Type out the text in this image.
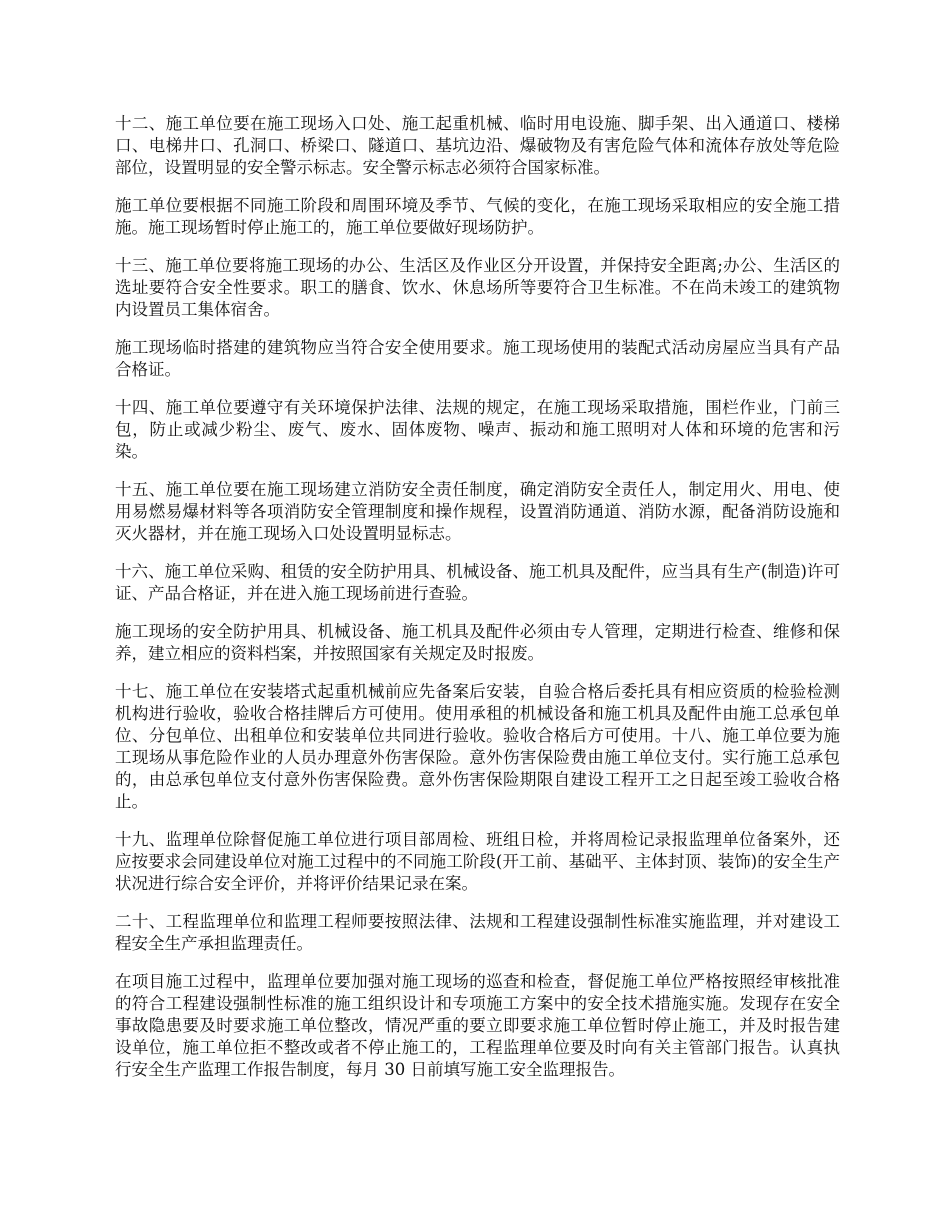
十二、施工单位要在施工现场入口处、施工起重机械、临时用电设施、脚手架、出入通道口、楼梯口、电梯井口、孔洞口、桥梁口、隧道口、基坑边沿、爆破物及有害危险气体和流体存放处等危险部位，设置明显的安全警示标志。安全警示标志必须符合国家标准。

施工单位要根据不同施工阶段和周围环境及季节、气候的变化，在施工现场采取相应的安全施工措施。施工现场暂时停止施工的，施工单位要做好现场防护。

十三、施工单位要将施工现场的办公、生活区及作业区分开设置，并保持安全距离;办公、生活区的选址要符合安全性要求。职工的膳食、饮水、休息场所等要符合卫生标准。不在尚未竣工的建筑物内设置员工集体宿舍。

施工现场临时搭建的建筑物应当符合安全使用要求。施工现场使用的装配式活动房屋应当具有产品合格证。

十四、施工单位要遵守有关环境保护法律、法规的规定，在施工现场采取措施，围栏作业，门前三包，防止或减少粉尘、废气、废水、固体废物、噪声、振动和施工照明对人体和环境的危害和污染。

十五、施工单位要在施工现场建立消防安全责任制度，确定消防安全责任人，制定用火、用电、使用易燃易爆材料等各项消防安全管理制度和操作规程，设置消防通道、消防水源，配备消防设施和灭火器材，并在施工现场入口处设置明显标志。

十六、施工单位采购、租赁的安全防护用具、机械设备、施工机具及配件，应当具有生产(制造)许可证、产品合格证，并在进入施工现场前进行查验。

施工现场的安全防护用具、机械设备、施工机具及配件必须由专人管理，定期进行检查、维修和保养，建立相应的资料档案，并按照国家有关规定及时报废。

十七、施工单位在安装塔式起重机械前应先备案后安装，自验合格后委托具有相应资质的检验检测机构进行验收，验收合格挂牌后方可使用。使用承租的机械设备和施工机具及配件由施工总承包单位、分包单位、出租单位和安装单位共同进行验收。验收合格后方可使用。十八、施工单位要为施工现场从事危险作业的人员办理意外伤害保险。意外伤害保险费由施工单位支付。实行施工总承包的，由总承包单位支付意外伤害保险费。意外伤害保险期限自建设工程开工之日起至竣工验收合格止。

十九、监理单位除督促施工单位进行项目部周检、班组日检，并将周检记录报监理单位备案外，还应按要求会同建设单位对施工过程中的不同施工阶段(开工前、基础平、主体封顶、装饰)的安全生产状况进行综合安全评价，并将评价结果记录在案。

二十、工程监理单位和监理工程师要按照法律、法规和工程建设强制性标准实施监理，并对建设工程安全生产承担监理责任。

在项目施工过程中，监理单位要加强对施工现场的巡查和检查，督促施工单位严格按照经审核批准的符合工程建设强制性标准的施工组织设计和专项施工方案中的安全技术措施实施。发现存在安全事故隐患要及时要求施工单位整改，情况严重的要立即要求施工单位暂时停止施工，并及时报告建设单位，施工单位拒不整改或者不停止施工的，工程监理单位要及时向有关主管部门报告。认真执行安全生产监理工作报告制度，每月 30 日前填写施工安全监理报告。
